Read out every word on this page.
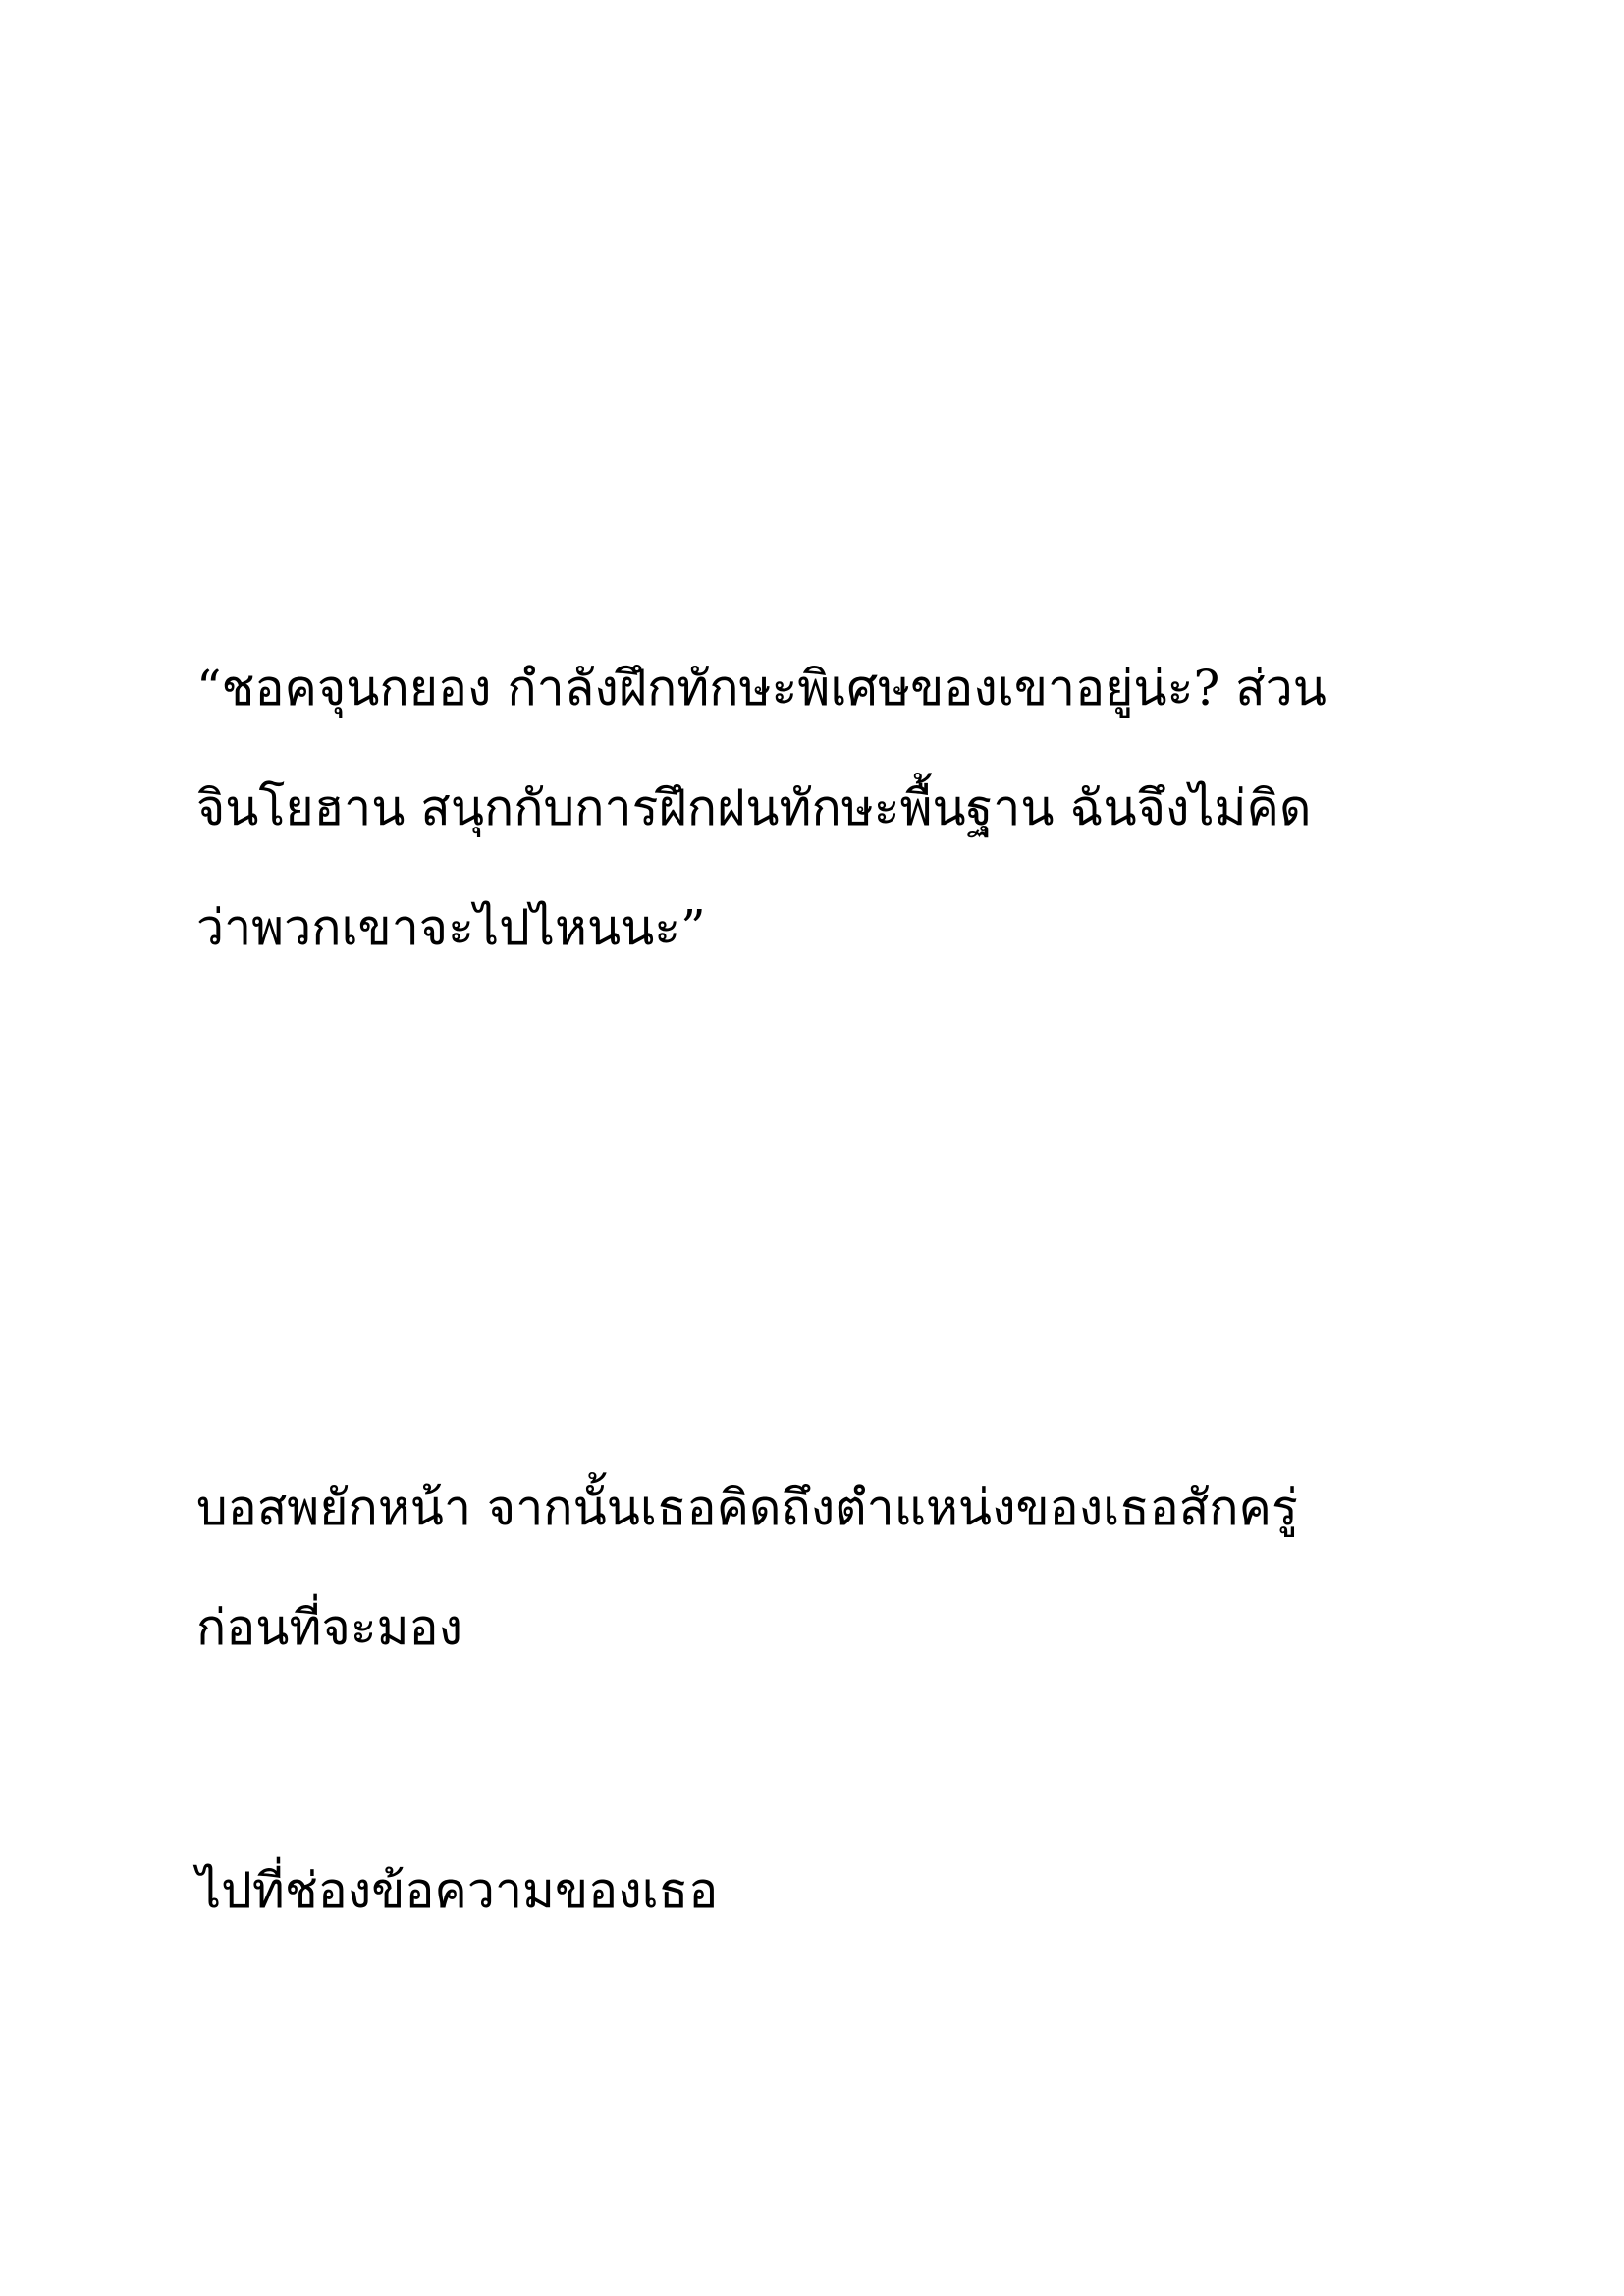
“ชอคจุนกยอง กำลังฝึกทักษะพิเศษของเขาอยู่น่ะ? ส่วน
จินโยฮาน สนุกกับการฝึกฝนทักษะพื้นฐาน ฉันจึงไม่คิด
ว่าพวกเขาจะไปไหนนะ”

บอสพยักหน้า จากนั้นเธอคิดถึงตำแหน่งของเธอสักครู่
ก่อนที่จะมอง

ไปที่ช่องข้อความของเธอ
